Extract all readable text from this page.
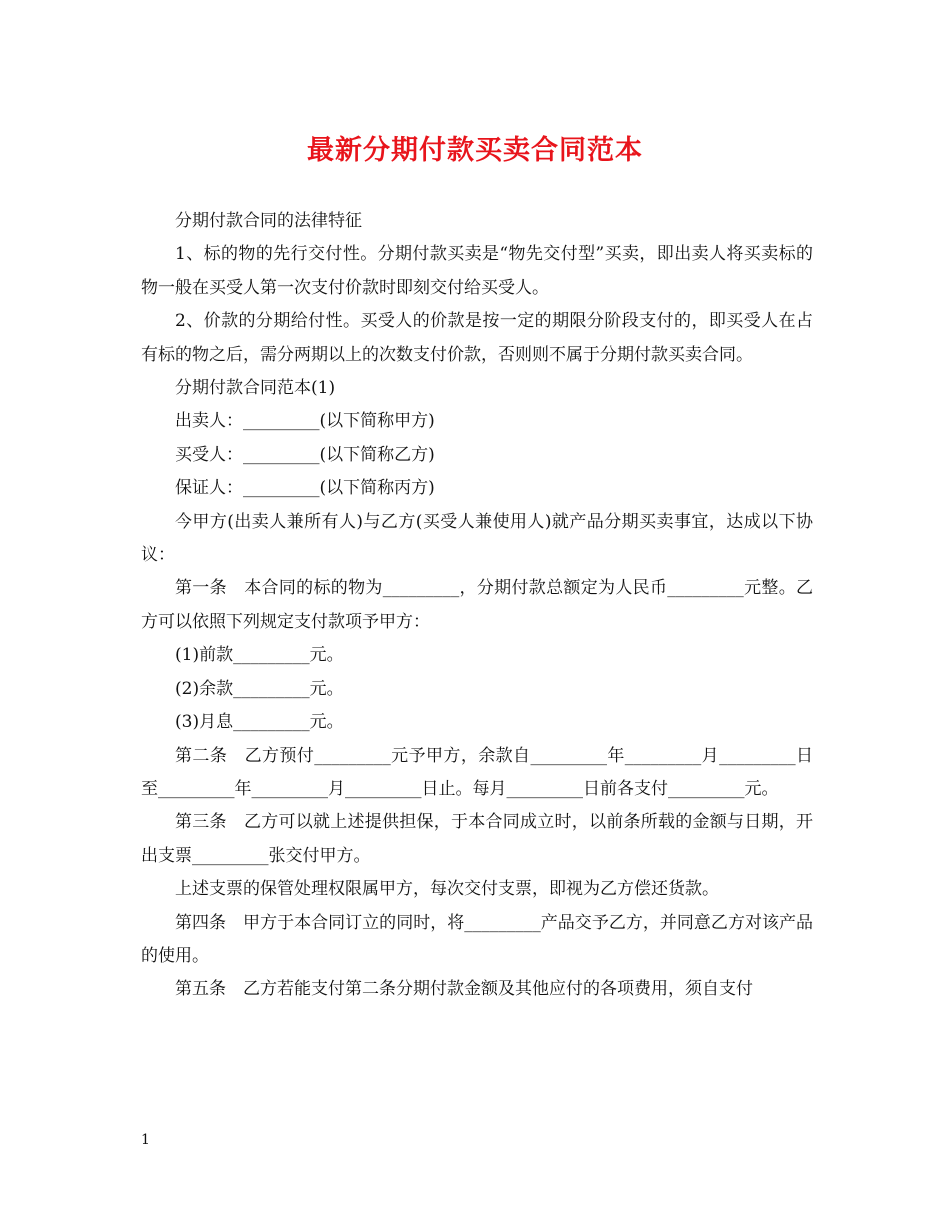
最新分期付款买卖合同范本

分期付款合同的法律特征

1、标的物的先行交付性。分期付款买卖是“物先交付型”买卖，即出卖人将买卖标的物一般在买受人第一次支付价款时即刻交付给买受人。

2、价款的分期给付性。买受人的价款是按一定的期限分阶段支付的，即买受人在占有标的物之后，需分两期以上的次数支付价款，否则则不属于分期付款买卖合同。

分期付款合同范本(1)

出卖人：_________(以下简称甲方)

买受人：_________(以下简称乙方)

保证人：_________(以下简称丙方)

今甲方(出卖人兼所有人)与乙方(买受人兼使用人)就产品分期买卖事宜，达成以下协议：

第一条　本合同的标的物为_________，分期付款总额定为人民币_________元整。乙方可以依照下列规定支付款项予甲方：

(1)前款_________元。

(2)余款_________元。

(3)月息_________元。

第二条　乙方预付_________元予甲方，余款自_________年_________月_________日至_________年_________月_________日止。每月_________日前各支付_________元。

第三条　乙方可以就上述提供担保，于本合同成立时，以前条所载的金额与日期，开出支票_________张交付甲方。

上述支票的保管处理权限属甲方，每次交付支票，即视为乙方偿还货款。

第四条　甲方于本合同订立的同时，将_________产品交予乙方，并同意乙方对该产品的使用。

第五条　乙方若能支付第二条分期付款金额及其他应付的各项费用，须自支付

1
